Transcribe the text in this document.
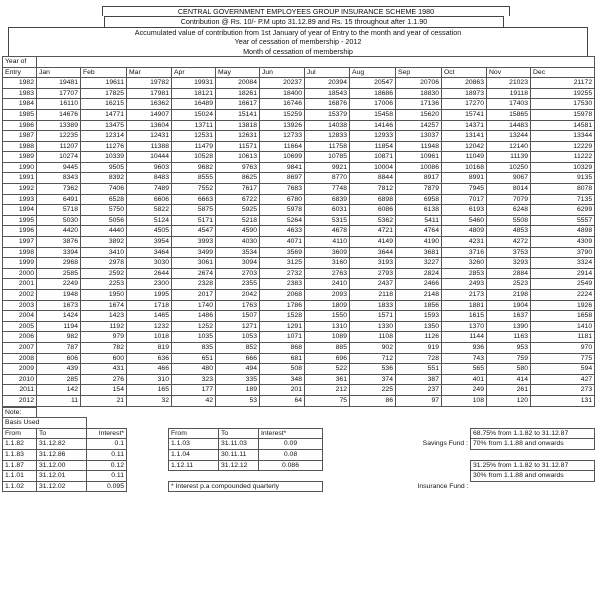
CENTRAL GOVERNMENT EMPLOYEES GROUP INSURANCE SCHEME 1980
Contribution @ Rs. 10/- P.M upto 31.12.89 and Rs. 15 throughout after 1.1.90
Accumulated value of contribution from 1st January of year of Entry to the month and year of cessation
Year of cessation of membership - 2012
Month of cessation of membership
Year of												
Entry	Jan	Feb	Mar	Apr	May	Jun	Jul	Aug	Sep	Oct	Nov	Dec
1982	19481	19611	19782	19931	20084	20237	20394	20547	20706	20863	21023	21172
1983	17707	17825	17981	18121	18261	18400	18543	18686	18830	18973	19118	19255
1984	16110	16215	16362	16489	16617	16746	16876	17006	17136	17270	17403	17530
1985	14676	14771	14907	15024	15141	15259	15379	15458	15620	15741	15865	15978
1986	13389	13475	13604	13711	13818	13926	14038	14146	14257	14371	14483	14581
1987	12235	12314	12431	12531	12631	12733	12833	12933	13037	13141	13244	13344
1988	11207	11276	11388	11479	11571	11664	11758	11854	11948	12042	12140	12229
1989	10274	10339	10444	10528	10613	10699	10785	10871	10961	11049	11139	11222
1990	9445	9505	9603	9682	9763	9841	9921	10004	10086	10168	10250	10329
1991	8343	8392	8483	8555	8625	8697	8770	8844	8917	8991	9067	9135
1992	7362	7406	7489	7552	7617	7683	7748	7812	7879	7945	8014	8078
1993	6491	6528	6606	6663	6722	6780	6839	6898	6958	7017	7079	7135
1994	5718	5750	5822	5875	5925	5978	6031	6086	6138	6193	6248	6299
1995	5030	5056	5124	5171	5218	5264	5315	5362	5411	5460	5508	5557
1996	4420	4440	4505	4547	4590	4633	4678	4721	4764	4809	4853	4898
1997	3876	3892	3954	3993	4030	4071	4110	4149	4190	4231	4272	4309
1998	3394	3410	3464	3499	3534	3569	3609	3644	3681	3716	3753	3790
1999	2968	2978	3030	3061	3094	3125	3160	3193	3227	3260	3293	3324
2000	2585	2592	2644	2674	2703	2732	2763	2793	2824	2853	2884	2914
2001	2249	2253	2300	2328	2355	2383	2410	2437	2466	2493	2523	2549
2002	1948	1950	1995	2017	2042	2068	2093	2118	2148	2173	2198	2224
2003	1673	1674	1718	1740	1763	1786	1809	1833	1856	1881	1904	1926
2004	1424	1423	1465	1486	1507	1528	1550	1571	1593	1615	1637	1658
2005	1194	1192	1232	1252	1271	1291	1310	1330	1350	1370	1390	1410
2006	982	979	1018	1035	1053	1071	1089	1108	1126	1144	1163	1181
2007	787	782	819	835	852	868	885	902	919	936	953	970
2008	606	600	636	651	666	681	696	712	728	743	759	775
2009	439	431	466	480	494	508	522	536	551	565	580	594
2010	285	276	310	323	335	348	361	374	387	401	414	427
2011	142	154	165	177	189	201	212	225	237	249	261	273
2012	11	21	32	42	53	64	75	86	97	108	120	131
Note:									
Basis Used									
From	To	Interest*		From	To	Interest*			68.75% from 1.1.82 to 31.12.87
1.1.82	31.12.82	0.1		1.1.03	31.11.03	0.09		Savings Fund :	70% from 1.1.88 and onwards
1.1.83	31.12.86	0.11		1.1.04	30.11.11	0.08			
1.1.87	31.12.00	0.12		1.12.11	31.12.12	0.086			31.25% from 1.1.82 to 31.12.87
1.1.01	31.12.01	0.11							30% from 1.1.88 and onwards
1.1.02	31.12.02	0.095		* Interest p.a compounded quarterly				Insurance Fund :	
